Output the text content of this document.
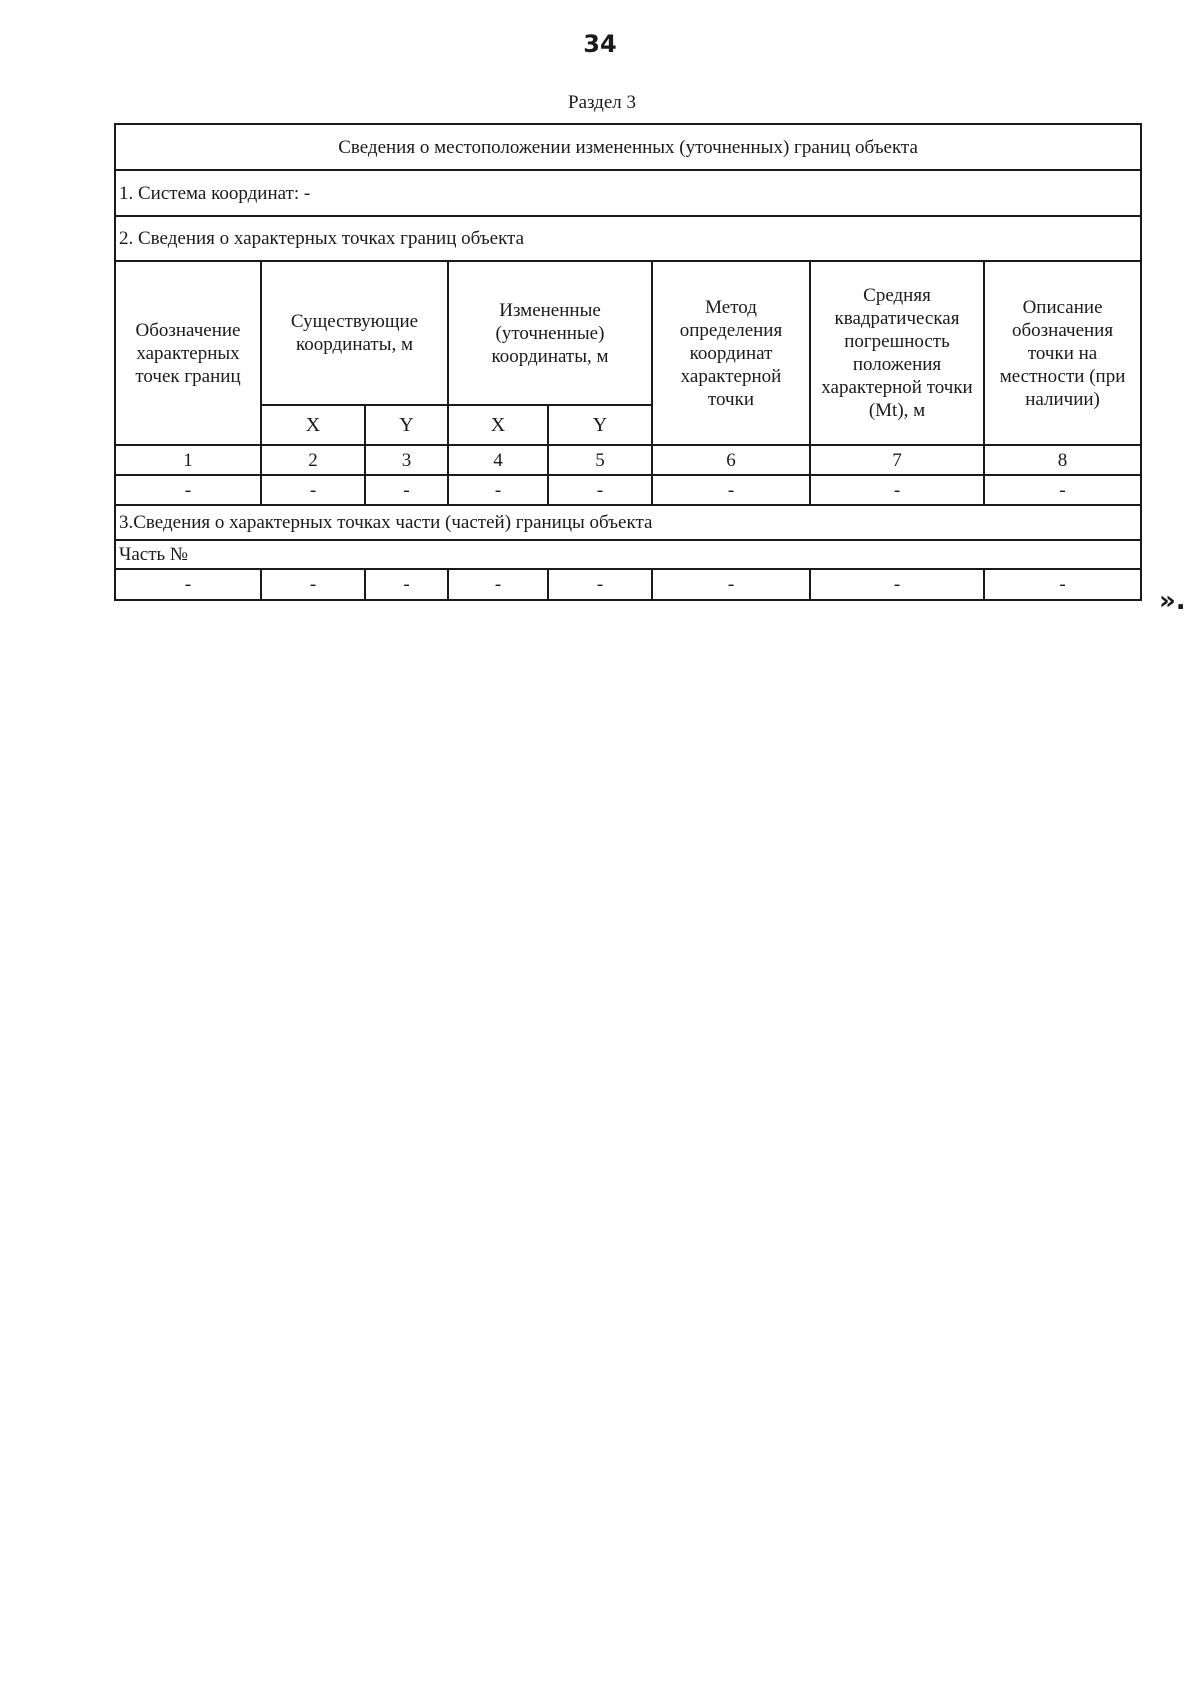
34
Раздел 3
Сведения о местоположении измененных (уточненных) границ объекта							
1. Система координат: -							
2. Сведения о характерных точках границ объекта							
Обозначение характерных точек границ	Существующие координаты, м		Измененные (уточненные) координаты, м		Метод определения координат характерной точки	Средняя квадратическая погрешность положения характерной точки (Mt), м	Описание обозначения точки на местности (при наличии)
	X	Y	X	Y			
1	2	3	4	5	6	7	8
-	-	-	-	-	-	-	-
3.Сведения о характерных точках части (частей) границы объекта							
Часть №							
-	-	-	-	-	-	-	-
».
